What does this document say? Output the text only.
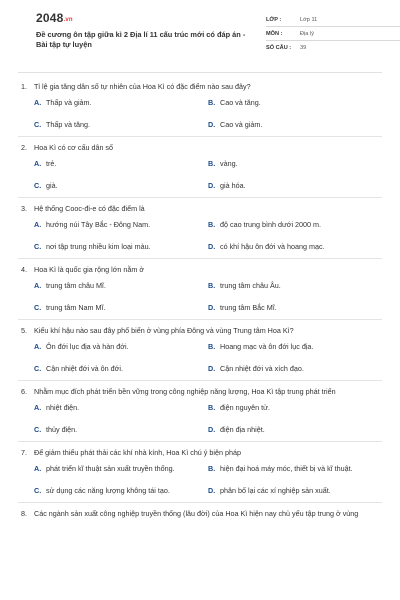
2048.vn
Đề cương ôn tập giữa kì 2 Địa lí 11 cấu trúc mới có đáp án - Bài tập tự luyện
LỚP :	Lớp 11
MÔN :	Địa lý
SỐ CÂU :	39
1. Tỉ lệ gia tăng dân số tự nhiên của Hoa Kì có đặc điểm nào sau đây?
A. Thấp và giảm.	B. Cao và tăng.
C. Thấp và tăng.	D. Cao và giảm.
2. Hoa Kì có cơ cấu dân số
A. trẻ.	B. vàng.
C. già.	D. già hóa.
3. Hệ thống Cooc-đi-e có đặc điểm là
A. hướng núi Tây Bắc - Đông Nam.	B. độ cao trung bình dưới 2000 m.
C. nơi tập trung nhiều kim loại màu.	D. có khí hậu ôn đới và hoang mạc.
4. Hoa Kì là quốc gia rộng lớn nằm ở
A. trung tâm châu Mĩ.	B. trung tâm châu Âu.
C. trung tâm Nam Mĩ.	D. trung tâm Bắc Mĩ.
5. Kiểu khí hậu nào sau đây phổ biến ở vùng phía Đông và vùng Trung tâm Hoa Kì?
A. Ôn đới lục địa và hàn đới.	B. Hoang mạc và ôn đới lục địa.
C. Cận nhiệt đới và ôn đới.	D. Cận nhiệt đới và xích đạo.
6. Nhằm mục đích phát triển bền vững trong công nghiệp năng lượng, Hoa Kì tập trung phát triển
A. nhiệt điện.	B. điện nguyên tử.
C. thủy điện.	D. điện địa nhiệt.
7. Để giảm thiểu phát thải các khí nhà kính, Hoa Kì chú ý biện pháp
A. phát triển kĩ thuật sản xuất truyền thống.	B. hiện đại hoá máy móc, thiết bị và kĩ thuật.
C. sử dụng các năng lượng không tái tạo.	D. phân bố lại các xí nghiệp sản xuất.
8. Các ngành sản xuất công nghiệp truyền thống (lâu đời) của Hoa Kì hiện nay chủ yếu tập trung ở vùng
